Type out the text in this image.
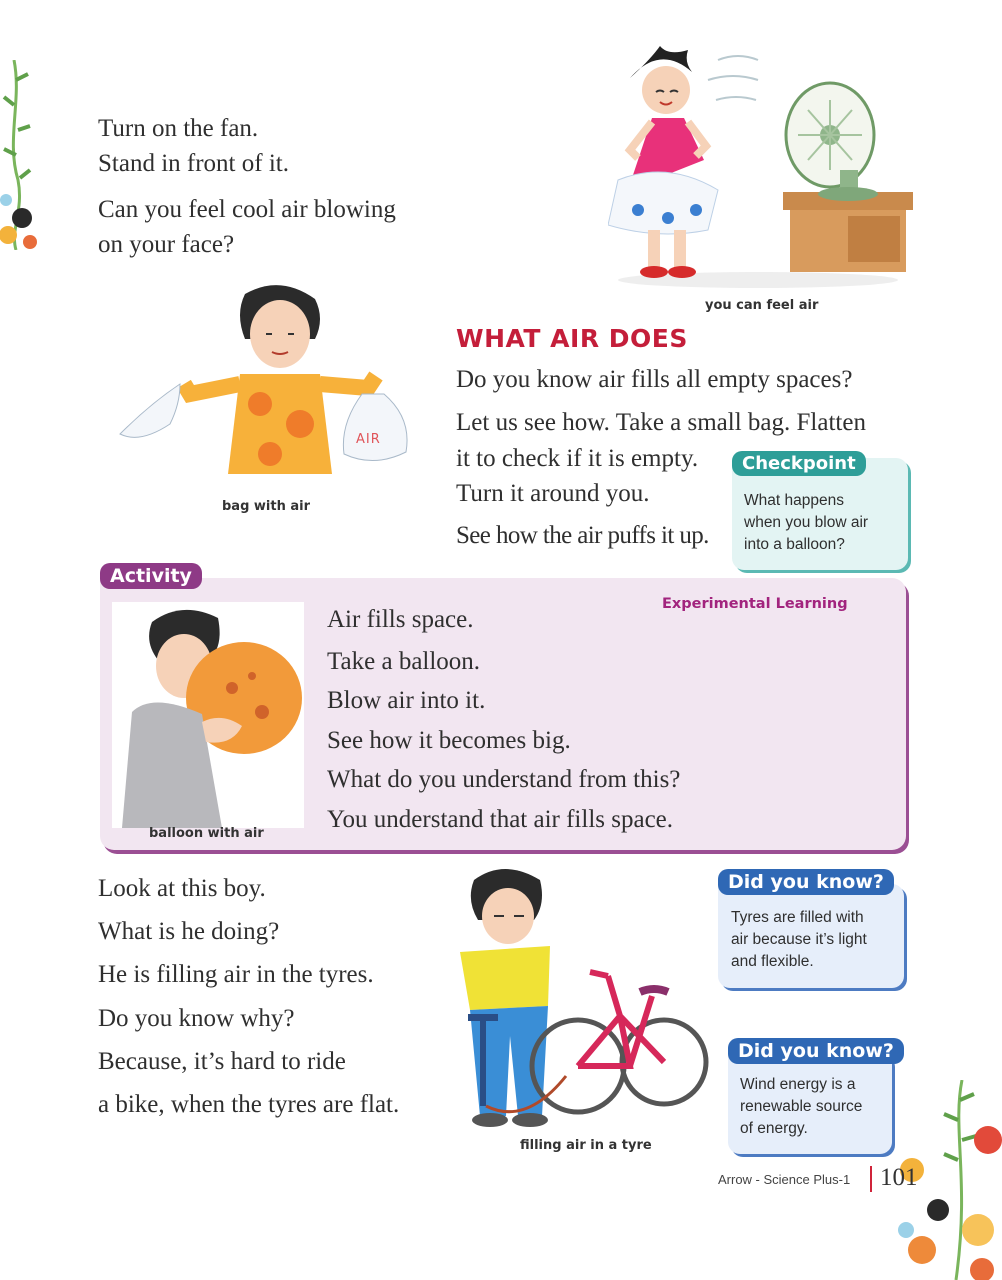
Turn on the fan.
Stand in front of it.
Can you feel cool air blowing
on your face?
you can feel air
AIR
bag with air
WHAT AIR DOES
Do you know air fills all empty spaces?
Let us see how. Take a small bag. Flatten
it to check if it is empty.
Turn it around you.
See how the air puffs it up.
Checkpoint
What happens
when you blow air
into a balloon?
Activity
Experimental Learning
balloon with air
Air fills space.
Take a balloon.
Blow air into it.
See how it becomes big.
What do you understand from this?
You understand that air fills space.
Look at this boy.
What is he doing?
He is filling air in the tyres.
Do you know why?
Because, it’s hard to ride
a bike, when the tyres are flat.
filling air in a tyre
Did you know?
Tyres are filled with
air because it’s light
and flexible.
Did you know?
Wind energy is a
renewable source
of energy.
Arrow - Science Plus-1 101
